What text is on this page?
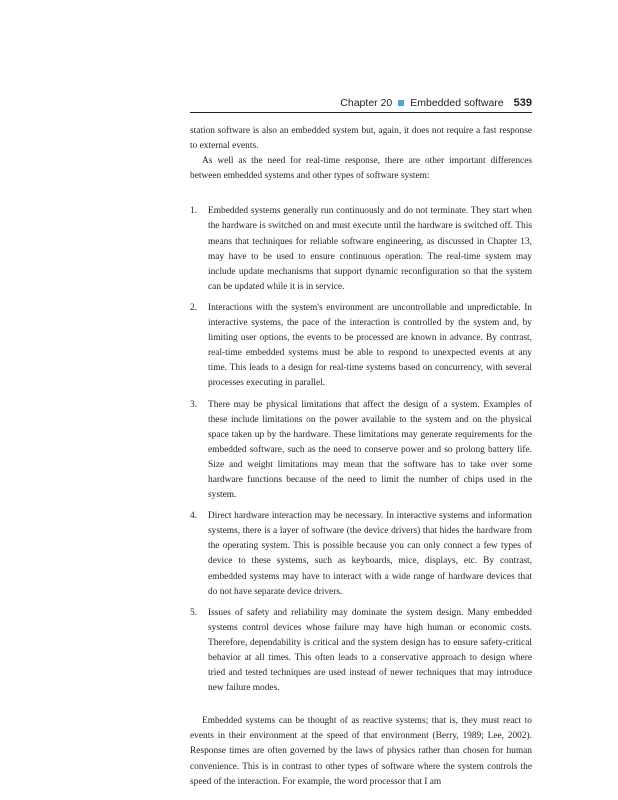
Chapter 20 Embedded software 539

station software is also an embedded system but, again, it does not require a fast response to external events.

As well as the need for real-time response, there are other important differences between embedded systems and other types of software system:

1.	Embedded systems generally run continuously and do not terminate. They start when the hardware is switched on and must execute until the hardware is switched off. This means that techniques for reliable software engineering, as discussed in Chapter 13, may have to be used to ensure continuous operation. The real-time system may include update mechanisms that support dynamic reconfiguration so that the system can be updated while it is in service.
2.	Interactions with the system's environment are uncontrollable and unpredictable. In interactive systems, the pace of the interaction is controlled by the system and, by limiting user options, the events to be processed are known in advance. By contrast, real-time embedded systems must be able to respond to unexpected events at any time. This leads to a design for real-time systems based on concurrency, with several processes executing in parallel.
3.	There may be physical limitations that affect the design of a system. Examples of these include limitations on the power available to the system and on the physical space taken up by the hardware. These limitations may generate requirements for the embedded software, such as the need to conserve power and so prolong battery life. Size and weight limitations may mean that the software has to take over some hardware functions because of the need to limit the number of chips used in the system.
4.	Direct hardware interaction may be necessary. In interactive systems and information systems, there is a layer of software (the device drivers) that hides the hardware from the operating system. This is possible because you can only connect a few types of device to these systems, such as keyboards, mice, displays, etc. By contrast, embedded systems may have to interact with a wide range of hardware devices that do not have separate device drivers.
5.	Issues of safety and reliability may dominate the system design. Many embedded systems control devices whose failure may have high human or economic costs. Therefore, dependability is critical and the system design has to ensure safety-critical behavior at all times. This often leads to a conservative approach to design where tried and tested techniques are used instead of newer techniques that may introduce new failure modes.

Embedded systems can be thought of as reactive systems; that is, they must react to events in their environment at the speed of that environment (Berry, 1989; Lee, 2002). Response times are often governed by the laws of physics rather than chosen for human convenience. This is in contrast to other types of software where the system controls the speed of the interaction. For example, the word processor that I am
